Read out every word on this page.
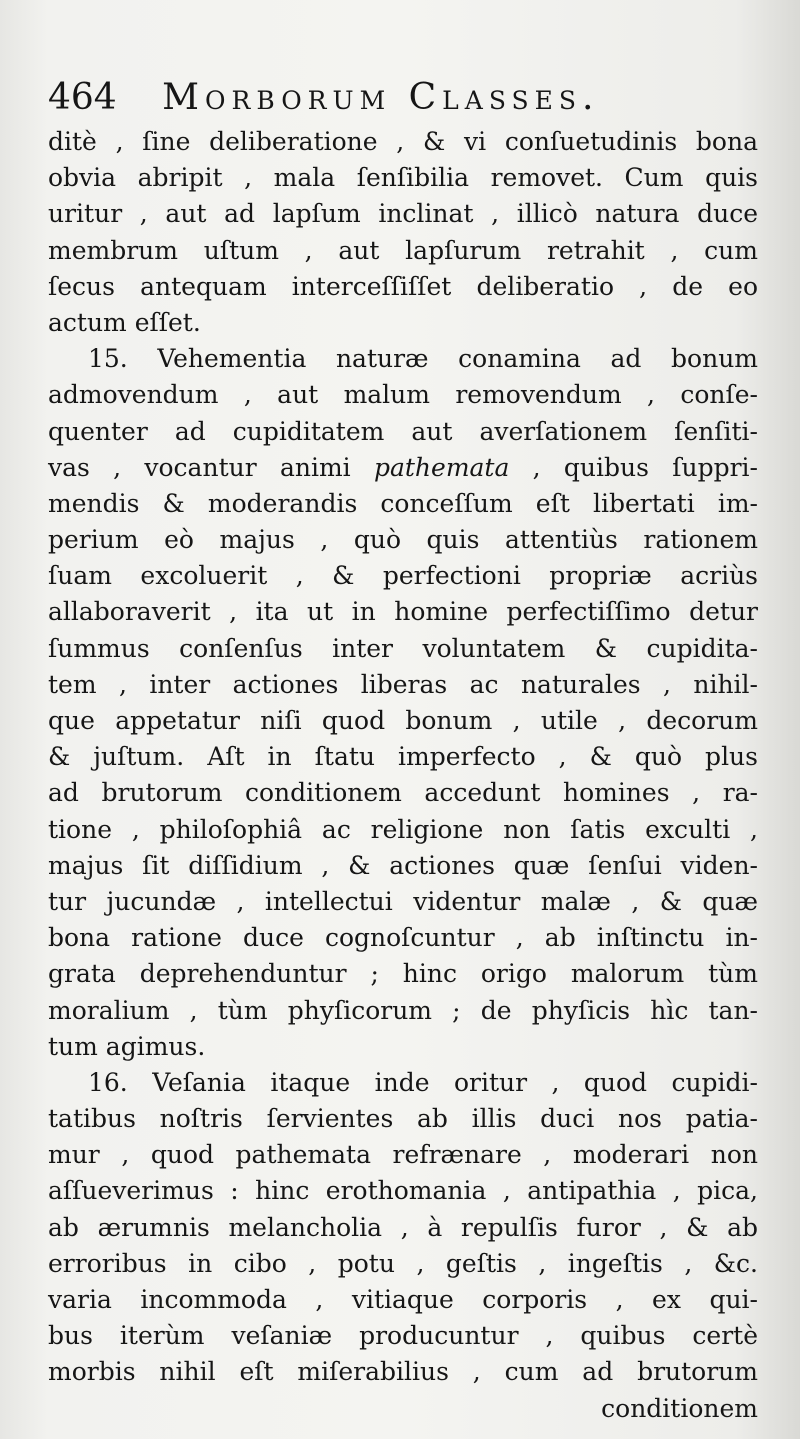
464 Morborum Classes.
ditè , ſine deliberatione , & vi conſuetudinis bona
obvia abripit , mala ſenſibilia removet. Cum quis
uritur , aut ad lapſum inclinat , illicò natura duce
membrum uſtum , aut lapſurum retrahit , cum
ſecus antequam interceſſiſſet deliberatio , de eo
actum eſſet.
15. Vehementia naturæ conamina ad bonum
admovendum , aut malum removendum , conſe-
quenter ad cupiditatem aut averſationem ſenſiti-
vas , vocantur animi pathemata , quibus ſuppri-
mendis & moderandis conceſſum eſt libertati im-
perium eò majus , quò quis attentiùs rationem
ſuam excoluerit , & perfectioni propriæ acriùs
allaboraverit , ita ut in homine perfectiſſimo detur
ſummus conſenſus inter voluntatem & cupidita-
tem , inter actiones liberas ac naturales , nihil-
que appetatur niſi quod bonum , utile , decorum
& juſtum. Aſt in ſtatu imperfecto , & quò plus
ad brutorum conditionem accedunt homines , ra-
tione , philoſophiâ ac religione non ſatis exculti ,
majus ſit diſſidium , & actiones quæ ſenſui viden-
tur jucundæ , intellectui videntur malæ , & quæ
bona ratione duce cognoſcuntur , ab inſtinctu in-
grata deprehenduntur ; hinc origo malorum tùm
moralium , tùm phyſicorum ; de phyſicis hìc tan-
tum agimus.
16. Veſania itaque inde oritur , quod cupidi-
tatibus noſtris ſervientes ab illis duci nos patia-
mur , quod pathemata refrænare , moderari non
aſſueverimus : hinc erothomania , antipathia , pica,
ab ærumnis melancholia , à repulſis furor , & ab
erroribus in cibo , potu , geſtis , ingeſtis , &c.
varia incommoda , vitiaque corporis , ex qui-
bus iterùm veſaniæ producuntur , quibus certè
morbis nihil eſt miſerabilius , cum ad brutorum
conditionem
